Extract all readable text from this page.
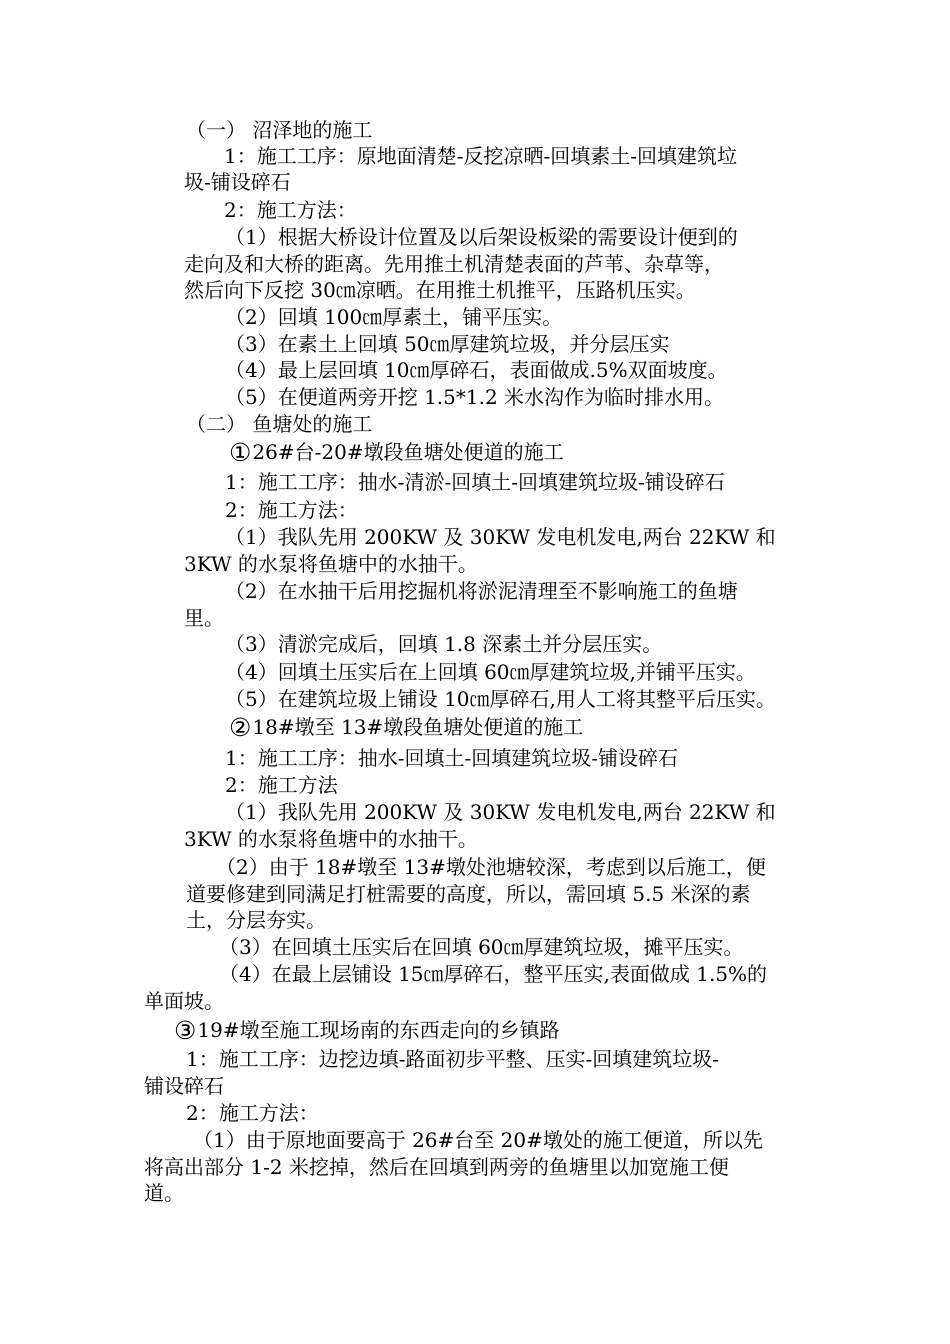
（一） 沼泽地的施工
1：施工工序：原地面清楚-反挖凉晒-回填素土-回填建筑垃
圾-铺设碎石
2：施工方法：
（1）根据大桥设计位置及以后架设板梁的需要设计便到的
走向及和大桥的距离。先用推土机清楚表面的芦苇、杂草等，
然后向下反挖 30㎝凉晒。在用推土机推平，压路机压实。
（2）回填 100㎝厚素土，铺平压实。
（3）在素土上回填 50㎝厚建筑垃圾，并分层压实
（4）最上层回填 10㎝厚碎石，表面做成.5%双面坡度。
（5）在便道两旁开挖 1.5*1.2 米水沟作为临时排水用。
（二） 鱼塘处的施工
①26#台-20#墩段鱼塘处便道的施工
1：施工工序：抽水-清淤-回填土-回填建筑垃圾-铺设碎石
2：施工方法：
（1）我队先用 200KW 及 30KW 发电机发电,两台 22KW 和
3KW 的水泵将鱼塘中的水抽干。
（2）在水抽干后用挖掘机将淤泥清理至不影响施工的鱼塘
里。
（3）清淤完成后，回填 1.8 深素土并分层压实。
（4）回填土压实后在上回填 60㎝厚建筑垃圾,并铺平压实。
（5）在建筑垃圾上铺设 10㎝厚碎石,用人工将其整平后压实。
②18#墩至 13#墩段鱼塘处便道的施工
1：施工工序：抽水-回填土-回填建筑垃圾-铺设碎石
2：施工方法
（1）我队先用 200KW 及 30KW 发电机发电,两台 22KW 和
3KW 的水泵将鱼塘中的水抽干。
（2）由于 18#墩至 13#墩处池塘较深，考虑到以后施工，便
道要修建到同满足打桩需要的高度，所以，需回填 5.5 米深的素
土，分层夯实。
（3）在回填土压实后在回填 60㎝厚建筑垃圾，摊平压实。
（4）在最上层铺设 15㎝厚碎石，整平压实,表面做成 1.5%的
单面坡。
③19#墩至施工现场南的东西走向的乡镇路
1：施工工序：边挖边填-路面初步平整、压实-回填建筑垃圾-
铺设碎石
2：施工方法：
（1）由于原地面要高于 26#台至 20#墩处的施工便道，所以先
将高出部分 1-2 米挖掉，然后在回填到两旁的鱼塘里以加宽施工便
道。
